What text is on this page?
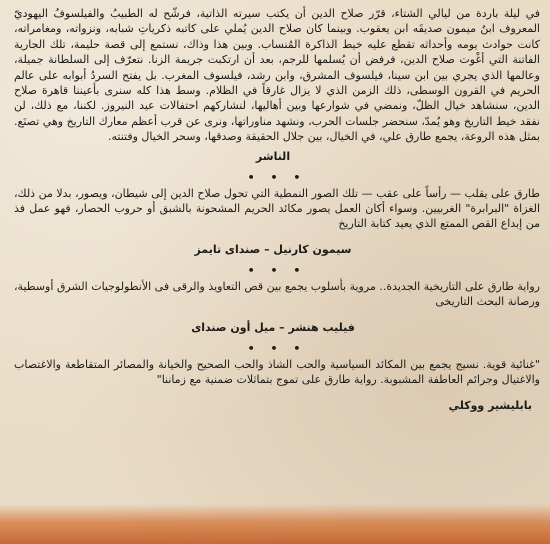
في ليلة باردة من ليالي الشتاء، قرّر صلاح الدين أن يكتب سيرته الذاتية، فرشّح له الطبيبُ والفيلسوفُ اليهوديّ المعروف ابنُ ميمون صديقَه ابن يعقوب. وبينما كان صلاح الدين يُملي على كاتبه ذكرياتِ شبابه، ونزواته، ومغامراته، كانت حوادث يومه وأحداثه تقطع عليه خيط الذاكرة المُنساب. وبين هذا وذاك، نستمع إلى قصة حليمة، تلك الجارية الفاتنة التي أغْوت صلاح الدين، فرفض أن يُسلمها للرجم، بعد أن ارتكبت جريمة الزنا. نتعرّف إلى السلطانة جميلة، وعالمها الذي يجري بين ابن سينا، فيلسوف المشرق، وابن رشد، فيلسوف المغرب. بل يفتح السردُ أبوابه على عالم الحريم في القرون الوسطى، ذلك الزمن الذي لا يزال غارقاً في الظلام. وسط هذا كله سنرى بأعيننا قاهرة صلاح الدين، سنشاهد خيال الظلّ، ونمضي في شوارعها وبين أهاليها، لنشاركهم احتفالات عيد النيروز. لكننا، مع ذلك، لن نفقد خيط التاريخ وهو يُمدّ، سنحضر جلسات الحرب، ونشهد مناوراتها، ونرى عن قرب أعظم معارك التاريخ وهي تصنَع. بمثل هذه الروعة، يجمع طارق علي، في الخيال، بين جلال الحقيقة وصدقها، وسحر الخيال وفتنته.

الناشر
• • •

طارق على يقلب — رأساً على عقب — تلك الصور النمطية التي تحول صلاح الدين إلى شيطان، ويصور، بدلا من ذلك، الغزاة "البرابرة" الغربيين. وسواء أكان العمل يصور مكائد الحريم المشحونة بالشبق أو حروب الحصار، فهو عمل فذ من إبداع القص الممتع الذي يعيد كتابة التاريخ

سيمون كارنيل – صنداى تايمز
• • •

رواية طارق على التاريخية الجديدة.. مروية بأسلوب يجمع بين قص التعاويذ والرقى فى الأنطولوجيات الشرق أوسطية، ورصانة البحث التاريخى

فيليب هنشر – ميل أون صنداى
• • •

"غنائية قوية. نسيج يجمع بين المكائد السياسية والحب الشاذ والحب الصحيح والخيانة والمصائر المتقاطعة والاغتصاب والاغتيال وجرائم العاطفة المشبوبة. رواية طارق على تموج بتماثلات ضمنية مع زماننا"

بابليشير ووكلي
